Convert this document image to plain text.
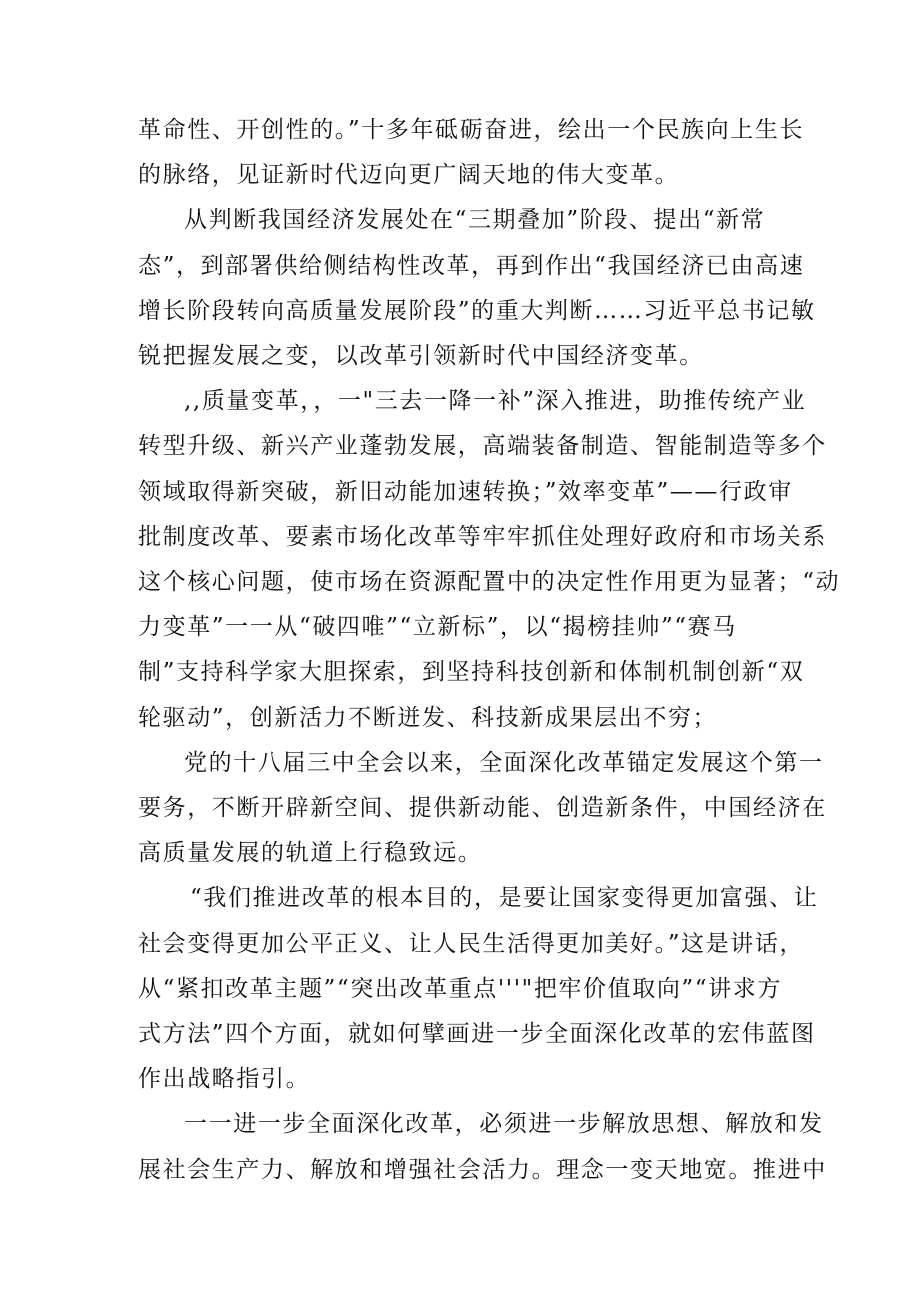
革命性、开创性的。”十多年砥砺奋进，绘出一个民族向上生长
的脉络，见证新时代迈向更广阔天地的伟大变革。

从判断我国经济发展处在“三期叠加”阶段、提出“新常
态”，到部署供给侧结构性改革，再到作出“我国经济已由高速
增长阶段转向高质量发展阶段”的重大判断……习近平总书记敏
锐把握发展之变，以改革引领新时代中国经济变革。

,,质量变革，，一"三去一降一补”深入推进，助推传统产业
转型升级、新兴产业蓬勃发展，高端装备制造、智能制造等多个
领域取得新突破，新旧动能加速转换；”效率变革”——行政审
批制度改革、要素市场化改革等牢牢抓住处理好政府和市场关系
这个核心问题，使市场在资源配置中的决定性作用更为显著；“动
力变革”一一从“破四唯”“立新标”，以“揭榜挂帅”“赛马
制”支持科学家大胆探索，到坚持科技创新和体制机制创新“双
轮驱动”，创新活力不断迸发、科技新成果层出不穷；

党的十八届三中全会以来，全面深化改革锚定发展这个第一
要务，不断开辟新空间、提供新动能、创造新条件，中国经济在
高质量发展的轨道上行稳致远。

“我们推进改革的根本目的，是要让国家变得更加富强、让
社会变得更加公平正义、让人民生活得更加美好。”这是讲话，
从“紧扣改革主题”“突出改革重点'''"把牢价值取向”“讲求方
式方法”四个方面，就如何擘画进一步全面深化改革的宏伟蓝图
作出战略指引。

一一进一步全面深化改革，必须进一步解放思想、解放和发
展社会生产力、解放和增强社会活力。理念一变天地宽。推进中
